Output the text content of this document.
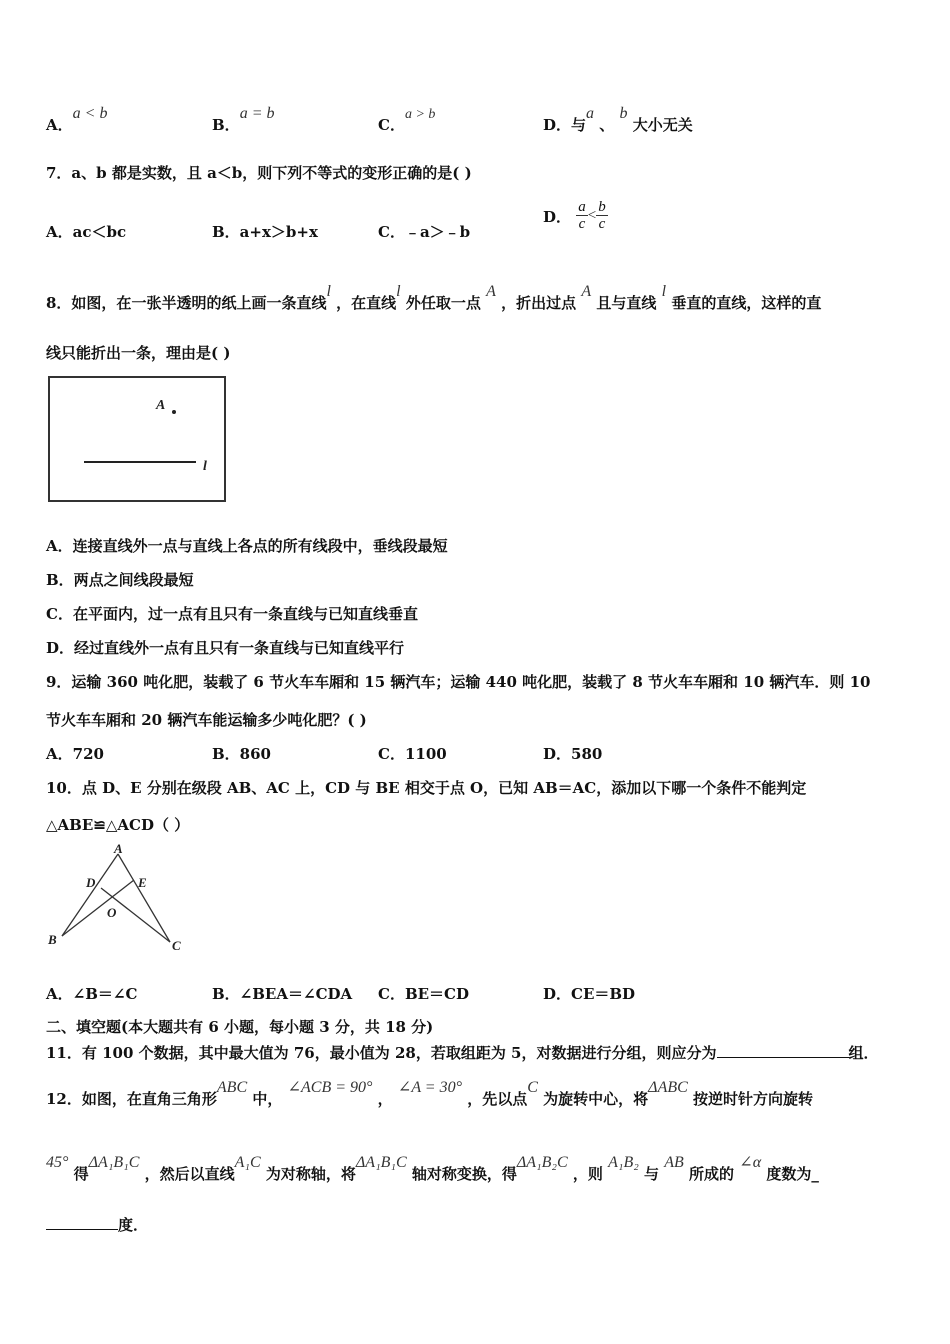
A．a < b
B．a = b
C．a > b
D．与a 、 b 大小无关
7．a、b 都是实数，且 a＜b，则下列不等式的变形正确的是( )
A．ac＜bc	B．a+x＞b+x	C．﹣a＞﹣b
D． $\frac{a}{c} < \frac{b}{c}$
8．如图，在一张半透明的纸上画一条直线l ，在直线l 外任取一点 A ，折出过点 A 且与直线 l 垂直的直线，这样的直
线只能折出一条，理由是( )
A
l
A．连接直线外一点与直线上各点的所有线段中，垂线段最短
B．两点之间线段最短
C．在平面内，过一点有且只有一条直线与已知直线垂直
D．经过直线外一点有且只有一条直线与已知直线平行
9．运输 360 吨化肥，装载了 6 节火车车厢和 15 辆汽车；运输 440 吨化肥，装载了 8 节火车车厢和 10 辆汽车．则 10
节火车车厢和 20 辆汽车能运输多少吨化肥？( )
A．720	B．860	C．1100	D．580
10．点 D、E 分别在级段 AB、AC 上，CD 与 BE 相交于点 O，已知 AB＝AC，添加以下哪一个条件不能判定
△ABE≌△ACD（ ）
A
B	C
D	E
O
A．∠B＝∠C	B．∠BEA＝∠CDA C．BE＝CD	D．CE＝BD
二、填空题(本大题共有 6 小题，每小题 3 分，共 18 分)
11．有 100 个数据，其中最大值为 76，最小值为 28，若取组距为 5，对数据进行分组，则应分为	组．
12．如图，在直角三角形ABC 中， ∠ACB = 90° ， ∠A = 30° ，先以点C 为旋转中心，将ΔABC 按逆时针方向旋转
45° 得ΔA₁B₁C ，然后以直线A₁C 为对称轴，将ΔA₁B₁C 轴对称变换，得ΔA₁B₂C ，则 A₁B₂ 与 AB 所成的 ∠α 度数为_
度．
